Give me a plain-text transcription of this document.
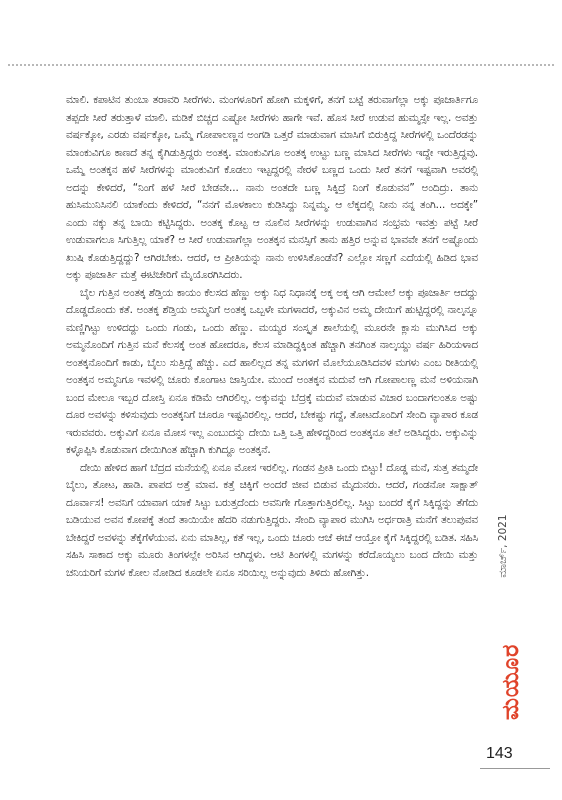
ಮಾಲಿ. ಕಪಾಟಿನ ತುಂಬಾ ತರಾವರಿ ಸೀರೆಗಳು. ಮಂಗಳೂರಿಗೆ ಹೋಗಿ ಮಕ್ಕಳಿಗೆ, ತನಗೆ ಬಟ್ಟೆ ತರುವಾಗೆಲ್ಲಾ ಅಕ್ಕು ಪೂಜಾರ್ತಿಗೂ ತಪ್ಪದೇ ಸೀರೆ ತರುತ್ತಾಳೆ ಮಾಲಿ. ಮಡಿಕೆ ಬಿಚ್ಚದ ಎಷ್ಟೋ ಸೀರೆಗಳು ಹಾಗೇ ಇವೆ. ಹೊಸ ಸೀರೆ ಉಡುವ ಹುಮ್ಮಸ್ಸೇ ಇಲ್ಲ. ಅವತ್ತು ವರ್ಷಕ್ಕೋ, ಎರಡು ವರ್ಷಕ್ಕೋ, ಒಮ್ಮೆ ಗೋಪಾಲಣ್ಣನ ಅಂಗಡಿ ಒತ್ತರೆ ಮಾಡುವಾಗ ಮಾಸಿಗೆ ಬಿರುಕ್ತಿದ್ದ ಸೀರೆಗಳಲ್ಲಿ ಒಂದೆರಡನ್ನು ಮಾಂಕುವಿಗೂ ಕಾಣದೆ ತನ್ನ ಕೈಗಿಡುತ್ತಿದ್ದರು ಅಂತಕ್ಕ. ಮಾಂಕುವಿಗೂ ಅಂತಕ್ಕ ಉಟ್ಟು ಬಣ್ಣ ಮಾಸಿದ ಸೀರೆಗಳು ಇದ್ದೇ ಇರುತ್ತಿದ್ದವು. ಒಮ್ಮೆ ಅಂತಕ್ಕನ ಹಳೆ ಸೀರೆಗಳನ್ನು ಮಾಂಕುವಿಗೆ ಕೊಡಲು ಇಟ್ಟದ್ದರಲ್ಲಿ ನೇರಳೆ ಬಣ್ಣದ ಒಂದು ಸೀರೆ ತನಗೆ ಇಷ್ಟವಾಗಿ ಅವರಲ್ಲಿ ಅದನ್ನು ಕೇಳಿದರೆ, “ನಿಂಗೆ ಹಳೆ ಸೀರೆ ಬೇಡವೇ... ನಾನು ಅಂತದೇ ಬಣ್ಣ ಸಿಕ್ಕಿದ್ರೆ ನಿಂಗೆ ಕೊಡುವನ” ಅಂದಿದ್ರು. ತಾನು ಹುಸಿಮುನಿಸಿನಲಿ ಯಾಕೆಂದು ಕೇಳಿದರೆ, “ನನಗೆ ಮೊಳಕಾಲು ಕುಡಿಸಿದ್ದು ನಿನ್ನಮ್ಮ. ಆ ಲೆಕ್ಕದಲ್ಲಿ ನೀನು ನನ್ನ ತಂಗಿ... ಅದಕ್ಕೇ” ಎಂದು ನಕ್ಕು ತನ್ನ ಬಾಯಿ ಕಟ್ಟಿಸಿದ್ದರು. ಅಂತಕ್ಕ ಕೊಟ್ಟ ಆ ನೂಲಿನ ಸೀರೆಗಳನ್ನು ಉಡುವಾಗಿನ ಸಂಭ್ರಮ ಇವತ್ತು ಪಟ್ಟೆ ಸೀರೆ ಉಡುವಾಗಲೂ ಸಿಗುತ್ತಿಲ್ಲ ಯಾಕೆ? ಆ ಸೀರೆ ಉಡುವಾಗೆಲ್ಲಾ ಅಂತಕ್ಕನ ಮನಸ್ಸಿಗೆ ತಾನು ಹತ್ತಿರ ಅನ್ನುವ ಭಾವವೇ ತನಗೆ ಅಷ್ಟೊಂದು ಖುಷಿ ಕೊಡುತ್ತಿದ್ದದ್ದು? ಆಗಿರಬೇಕು. ಆದರೆ, ಆ ಪ್ರೀತಿಯನ್ನು ನಾನು ಉಳಿಸಿಕೊಂಡೆನೆ? ಎಲ್ಲೋ ಸಣ್ಣಗೆ ಎದೆಯಲ್ಲಿ ಹಿಡಿದ ಭಾವ ಅಕ್ಕು ಪೂಜಾರ್ತಿ ಮತ್ತೆ ಈಟಿಚೇರಿಗೆ ಮೈಯೊರಗಿಸಿದರು.

ಬೈಲ ಗುತ್ತಿನ ಅಂತಕ್ಕ ಶೆಡ್ತಿಯ ಕಾಯಂ ಕೆಲಸದ ಹೆಣ್ಣು ಅಕ್ಕು ನಿಧ ನಿಧಾನಕ್ಕೆ ಅಕ್ಕ ಅಕ್ಕ ಆಗಿ ಆಮೇಲೆ ಅಕ್ಕು ಪೂಜಾರ್ತಿ ಆದದ್ದು ದೊಡ್ಡದೊಂದು ಕತೆ. ಅಂತಕ್ಕ ಶೆಡ್ತಿಯ ಅಮ್ಮನಿಗೆ ಅಂತಕ್ಕ ಒಬ್ಬಳೇ ಮಗಳಾದರೆ, ಅಕ್ಕುವಿನ ಅಮ್ಮ ದೇಯಿಗೆ ಹುಟ್ಟಿದ್ದರಲ್ಲಿ ನಾಲ್ಕನ್ನೂ ಮಣ್ಣಿಗಿಟ್ಟು ಉಳಿದದ್ದು ಒಂದು ಗಂಡು, ಒಂದು ಹೆಣ್ಣು. ಮಯ್ಯರ ಸಂಸ್ಕೃತ ಶಾಲೆಯಲ್ಲಿ ಮೂರನೇ ಕ್ಲಾಸು ಮುಗಿಸಿದ ಅಕ್ಕು ಅಮ್ಮನೊಂದಿಗೆ ಗುತ್ತಿನ ಮನೆ ಕೆಲಸಕ್ಕೆ ಅಂತ ಹೋದರೂ, ಕೆಲಸ ಮಾಡಿದ್ದಕ್ಕಿಂತ ಹೆಚ್ಚಾಗಿ ತನಗಿಂತ ನಾಲ್ಕಯ್ದು ವರ್ಷ ಹಿರಿಯಳಾದ ಅಂತಕ್ಕನೊಂದಿಗೆ ಕಾಡು, ಬೈಲು ಸುತ್ತಿದ್ದೆ ಹೆಚ್ಚು. ಎದೆ ಹಾಲಿಲ್ಲದ ತನ್ನ ಮಗಳಿಗೆ ಮೊಲೆಯೂಡಿಸಿದವಳ ಮಗಳು ಎಂಬ ರೀತಿಯಲ್ಲಿ ಅಂತಕ್ಕನ ಅಮ್ಮನಿಗೂ ಇವಳಲ್ಲಿ ಚೂರು ಕೊಂಗಾಟ ಜಾಸ್ತಿಯೇ. ಮುಂದೆ ಅಂತಕ್ಕನ ಮದುವೆ ಆಗಿ ಗೋಪಾಲಣ್ಣ ಮನೆ ಅಳಿಯನಾಗಿ ಬಂದ ಮೇಲೂ ಇಬ್ಬರ ದೋಸ್ತಿ ಏನೂ ಕಡಿಮೆ ಆಗಿರಲಿಲ್ಲ. ಅಕ್ಕುವನ್ನು ಬೆದ್ರಕ್ಕೆ ಮದುವೆ ಮಾಡುವ ವಿಚಾರ ಬಂದಾಗಲಂತೂ ಅಷ್ಟು ದೂರ ಅವಳನ್ನು ಕಳಿಸುವುದು ಅಂತಕ್ಕನಿಗೆ ಚೂರೂ ಇಷ್ಟವಿರಲಿಲ್ಲ. ಆದರೆ, ಬೇಕಷ್ಟು ಗದ್ದೆ, ತೋಟದೊಂದಿಗೆ ಸೇಂದಿ ವ್ಯಾಪಾರ ಕೂಡ ಇರುವವರು. ಅಕ್ಕುವಿಗೆ ಏನೂ ಮೋಸ ಇಲ್ಲ ಎಂಬುದನ್ನು ದೇಯಿ ಒತ್ತಿ ಒತ್ತಿ ಹೇಳಿದ್ದರಿಂದ ಅಂತಕ್ಕನೂ ತಲೆ ಅಡಿಸಿದ್ದರು. ಅಕ್ಕುವಿನ್ನು ಕಳ್ಳೊಪ್ಪಿಸಿ ಕೊಡುವಾಗ ದೇಯಿಗಿಂತ ಹೆಚ್ಚಾಗಿ ಕುಗಿದ್ದೂ ಅಂತಕ್ಕನೆ.

ದೇಯಿ ಹೇಳಿದ ಹಾಗೆ ಬೆದ್ರದ ಮನೆಯಲ್ಲಿ ಏನೂ ಮೋಸ ಇರಲಿಲ್ಲ. ಗಂಡನ ಪ್ರೀತಿ ಒಂದು ಬಿಟ್ಟು! ದೊಡ್ಡ ಮನೆ, ಸುತ್ತ ತಮ್ಮದೇ ಬೈಲು, ತೋಟ, ಹಾಡಿ. ಪಾಪದ ಅತ್ತೆ ಮಾವ. ಕತ್ತೆ ಚಿಕ್ಕಿಗೆ ಅಂದರೆ ಜೀವ ಬಿಡುವ ಮೈದುನರು. ಆದರೆ, ಗಂಡನೋ ಸಾಕ್ಷಾತ್ ದೂರ್ವಾಸ! ಅವನಿಗೆ ಯಾವಾಗ ಯಾಕೆ ಸಿಟ್ಟು ಬರುತ್ತದೆಂದು ಅವನಿಗೇ ಗೊತ್ತಾಗುತ್ತಿರಲಿಲ್ಲ. ಸಿಟ್ಟು ಬಂದರೆ ಕೈಗೆ ಸಿಕ್ಕಿದ್ದನ್ನು ತೆಗೆದು ಬಡಿಯುವ ಅವನ ಕೋಪಕ್ಕೆ ತಂದೆ ತಾಯಿಯೇ ಹೆದರಿ ನಡುಗುತ್ತಿದ್ದರು. ಸೇಂದಿ ವ್ಯಾಪಾರ ಮುಗಿಸಿ ಅರ್ಧರಾತ್ರಿ ಮನೆಗೆ ತಲುಪುವವ ಬೇಕಿದ್ದರೆ ಅವಳನ್ನು ತೆಕ್ಕೆಗೆಳೆಯುವ. ಏನು ಮಾತಿಲ್ಲ, ಕತೆ ಇಲ್ಲ, ಒಂದು ಚೂರು ಆಚೆ ಈಚೆ ಆಯ್ತೋ ಕೈಗೆ ಸಿಕ್ಕಿದ್ದರಲ್ಲಿ ಬಡಿತ. ಸಹಿಸಿ ಸಹಿಸಿ ಸಾಕಾದ ಅಕ್ಕು ಮೂರು ತಿಂಗಳಲ್ಲೇ ಅರಿಸಿನ ಆಗಿದ್ದಳು. ಆಟಿ ತಿಂಗಳಲ್ಲಿ ಮಗಳನ್ನು ಕರೆದೊಯ್ಯಲು ಬಂದ ದೇಯಿ ಮತ್ತು ಚನಿಯರಿಗೆ ಮಗಳ ಕೋಲ ನೋಡಿದ ಕೂಡಲೇ ಏನೂ ಸರಿಯಿಲ್ಲ ಅನ್ನುವುದು ತಿಳಿದು ಹೋಗಿತ್ತು.	ಮಾರ್ಚ್, 2021
ಮಯೂರ
143
